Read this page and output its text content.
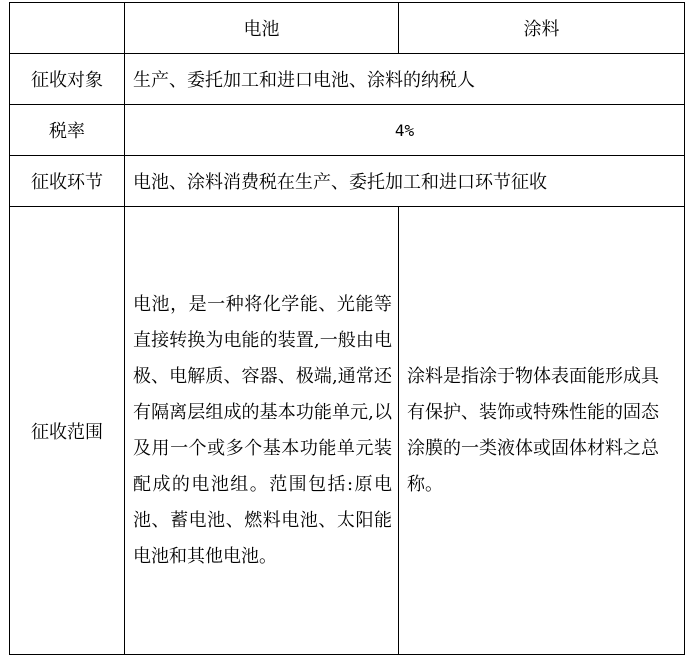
	电池	涂料
征收对象	生产、委托加工和进口电池、涂料的纳税人	
税率	4%	
征收环节	电池、涂料消费税在生产、委托加工和进口环节征收	
征收范围	电池，是一种将化学能、光能等直接转换为电能的装置,一般由电极、电解质、容器、极端,通常还有隔离层组成的基本功能单元,以及用一个或多个基本功能单元装配成的电池组。范围包括:原电池、蓄电池、燃料电池、太阳能电池和其他电池。	涂料是指涂于物体表面能形成具有保护、装饰或特殊性能的固态涂膜的一类液体或固体材料之总称。
